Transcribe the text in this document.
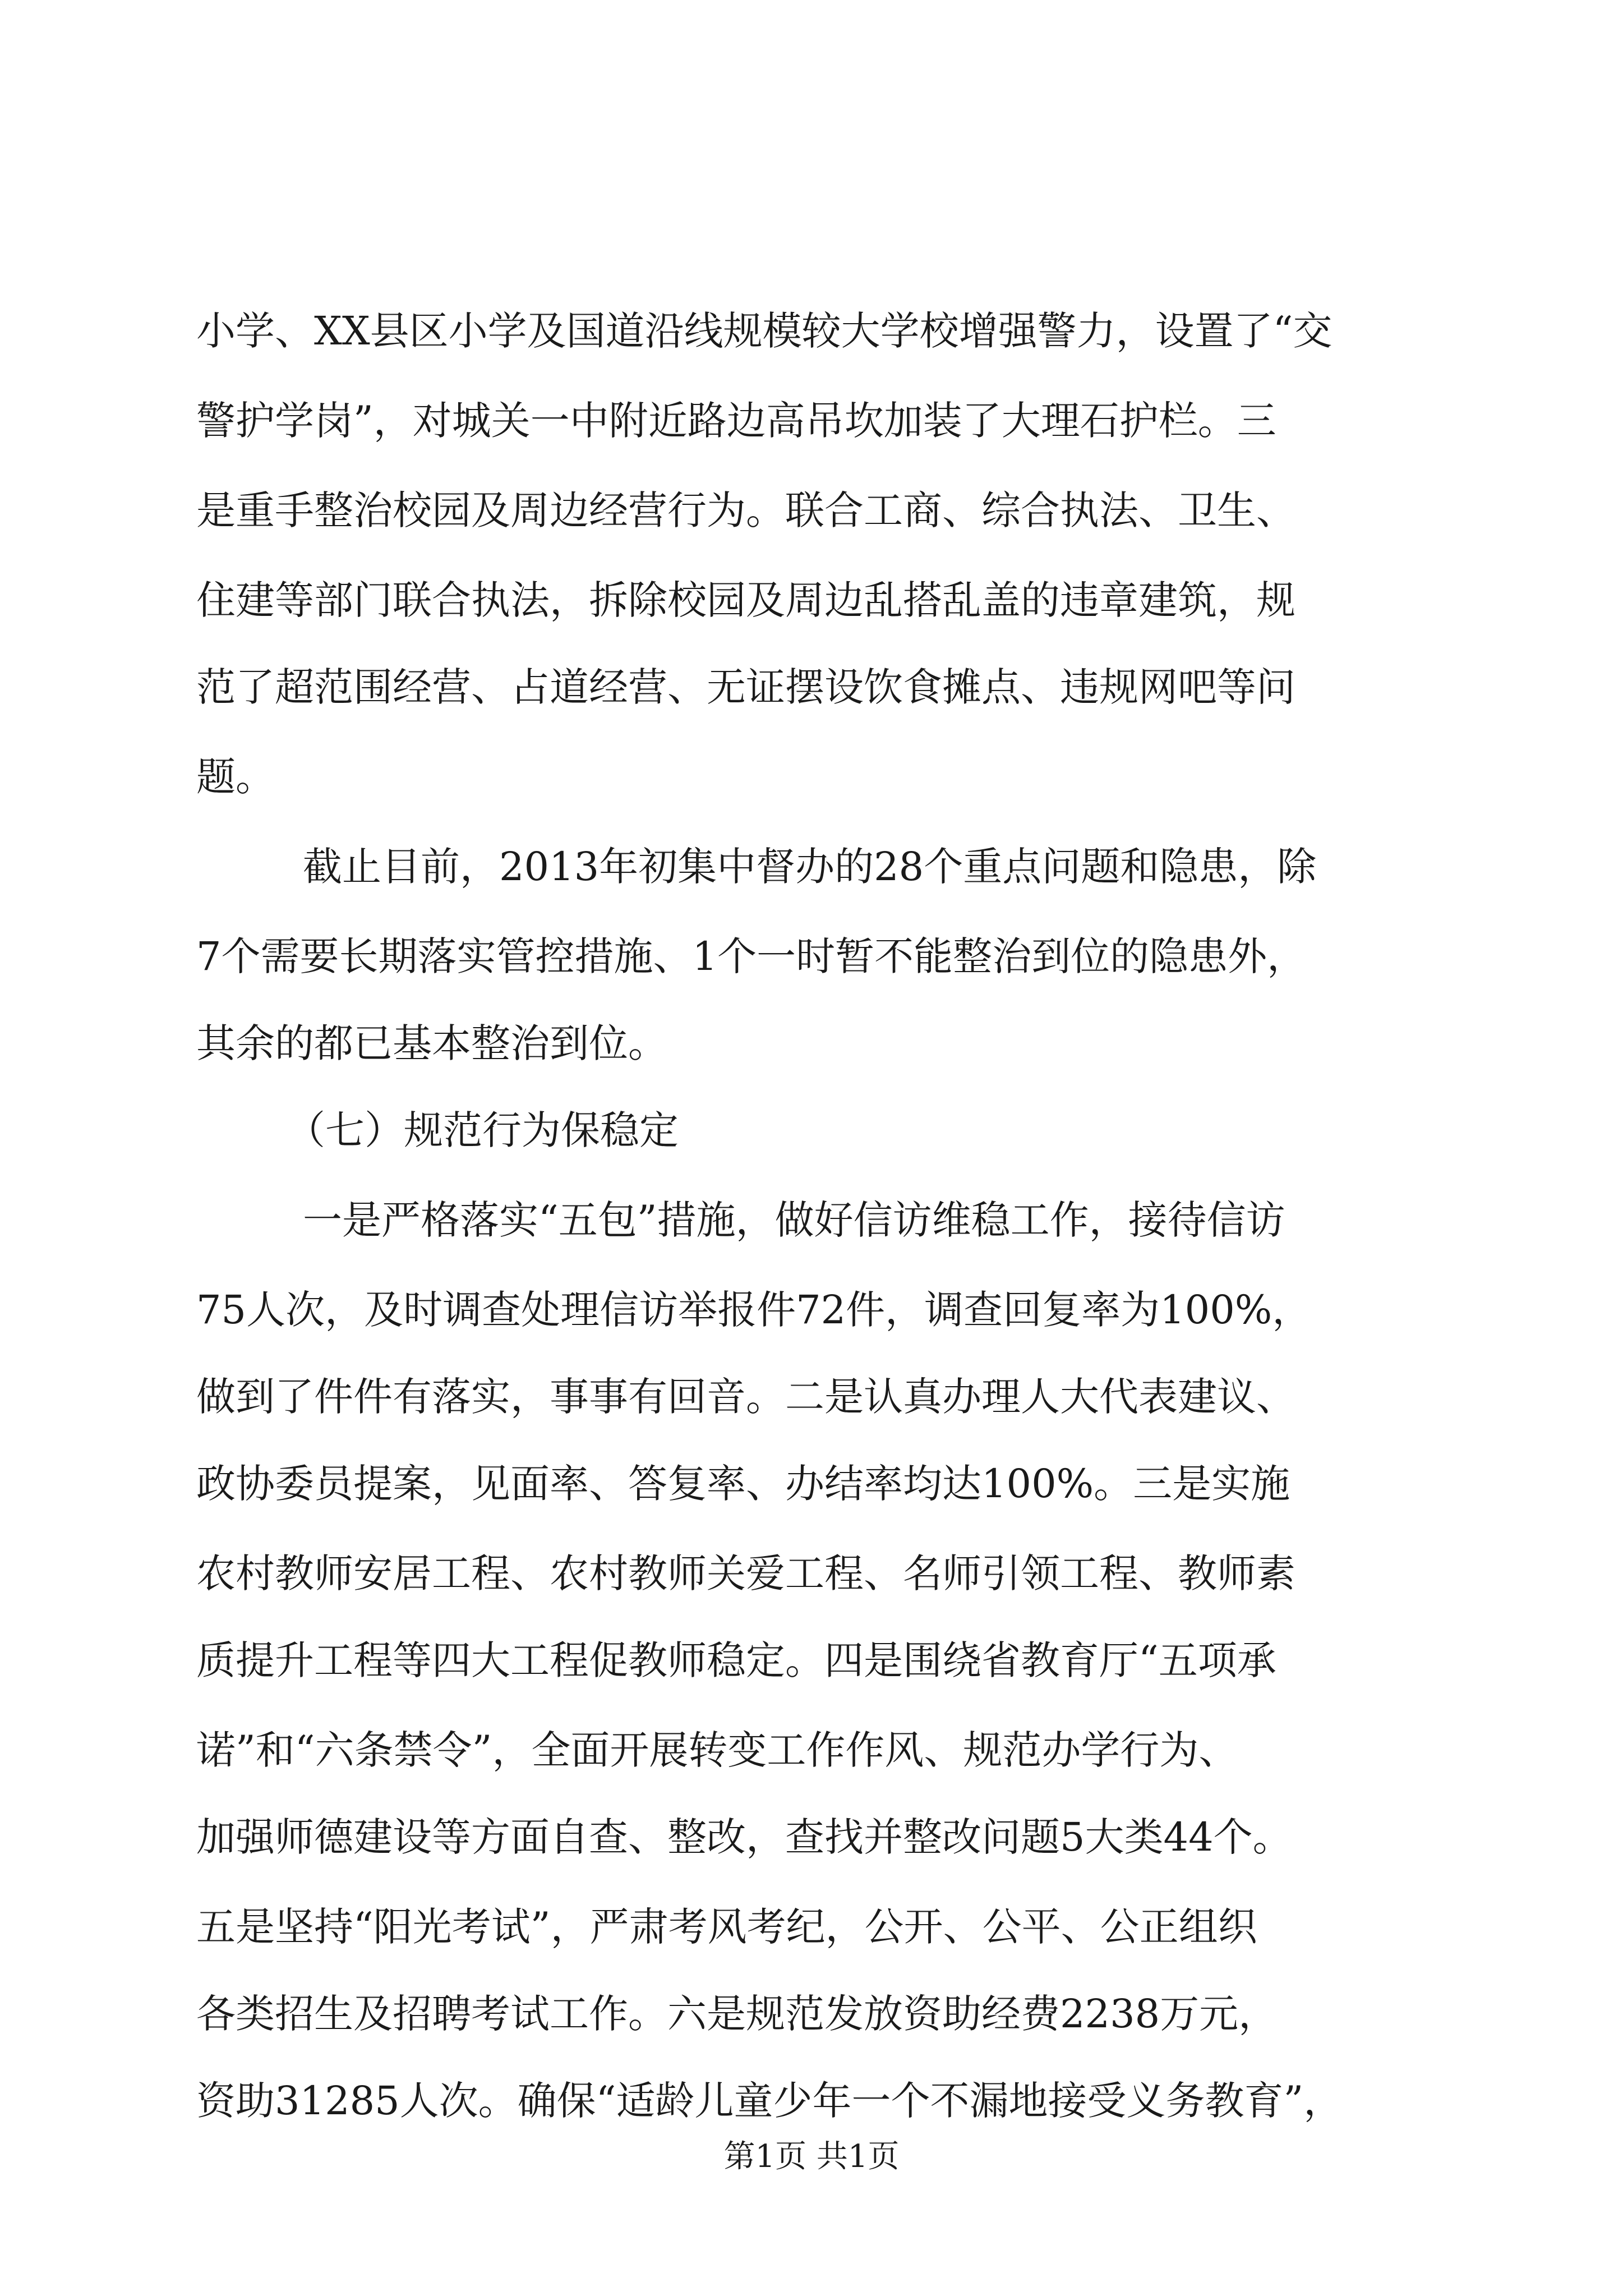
小学、XX县区小学及国道沿线规模较大学校增强警力，设置了“交
警护学岗”，对城关一中附近路边高吊坎加装了大理石护栏。三
是重手整治校园及周边经营行为。联合工商、综合执法、卫生、
住建等部门联合执法，拆除校园及周边乱搭乱盖的违章建筑，规
范了超范围经营、占道经营、无证摆设饮食摊点、违规网吧等问
题。
截止目前，2013年初集中督办的28个重点问题和隐患，除
7个需要长期落实管控措施、1个一时暂不能整治到位的隐患外，
其余的都已基本整治到位。
（七）规范行为保稳定
一是严格落实“五包”措施，做好信访维稳工作，接待信访
75人次，及时调查处理信访举报件72件，调查回复率为100%，
做到了件件有落实，事事有回音。二是认真办理人大代表建议、
政协委员提案，见面率、答复率、办结率均达100%。三是实施
农村教师安居工程、农村教师关爱工程、名师引领工程、教师素
质提升工程等四大工程促教师稳定。四是围绕省教育厅“五项承
诺”和“六条禁令”，全面开展转变工作作风、规范办学行为、
加强师德建设等方面自查、整改，查找并整改问题5大类44个。
五是坚持“阳光考试”，严肃考风考纪，公开、公平、公正组织
各类招生及招聘考试工作。六是规范发放资助经费2238万元，
资助31285人次。确保“适龄儿童少年一个不漏地接受义务教育”，
第1页 共1页
